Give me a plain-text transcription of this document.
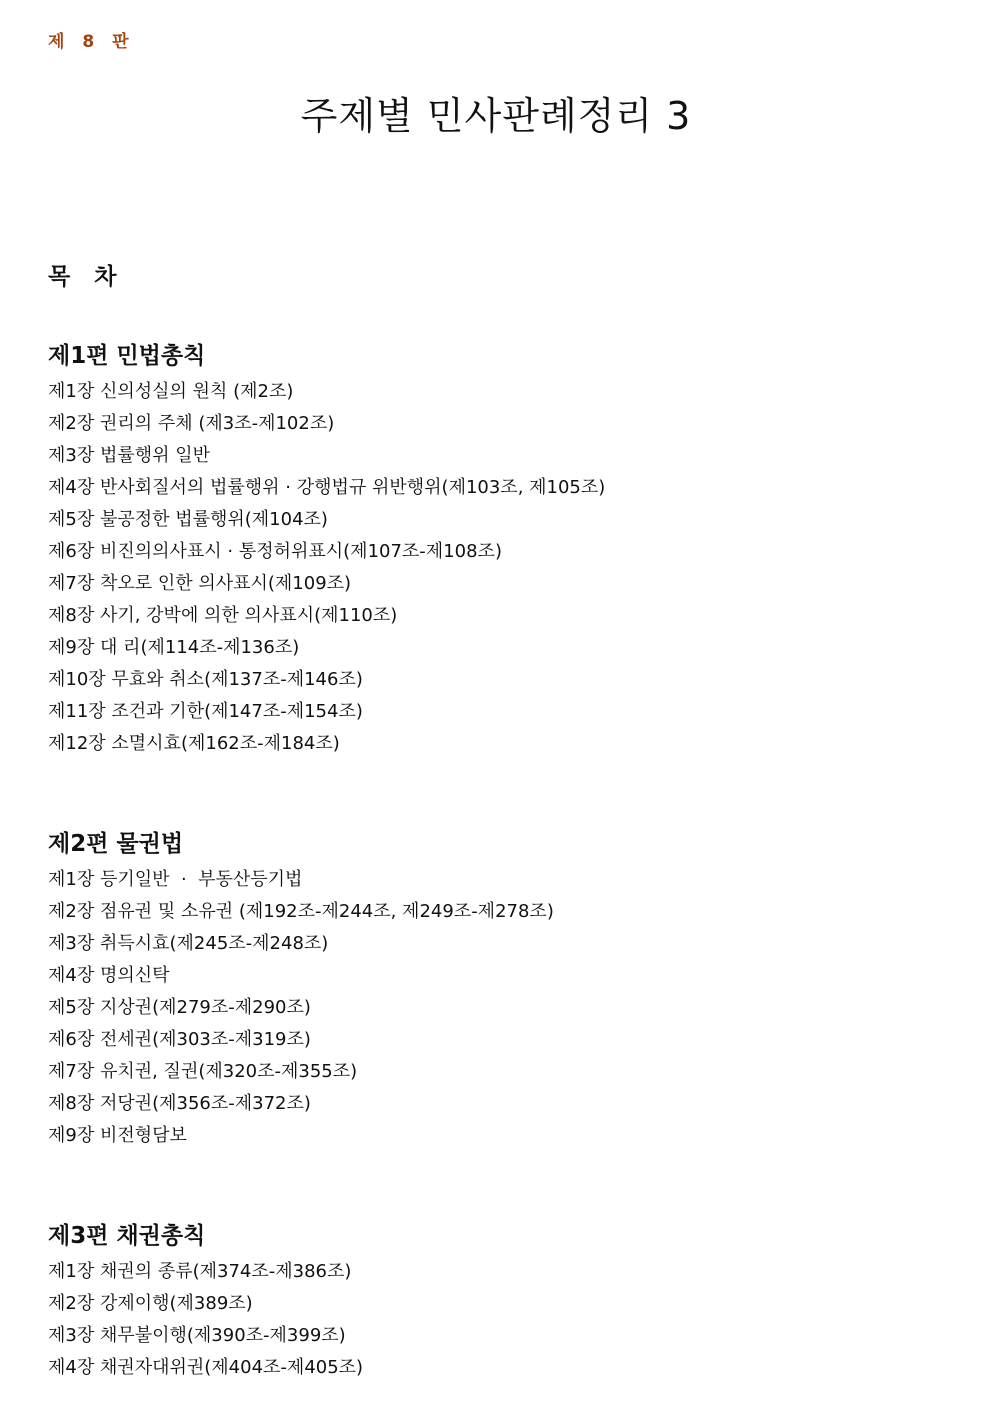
제 8 판
주제별 민사판례정리 3
목 차
제1편 민법총칙
제1장 신의성실의 원칙 (제2조)
제2장 권리의 주체 (제3조-제102조)
제3장 법률행위 일반
제4장 반사회질서의 법률행위 · 강행법규 위반행위(제103조, 제105조)
제5장 불공정한 법률행위(제104조)
제6장 비진의의사표시 · 통정허위표시(제107조-제108조)
제7장 착오로 인한 의사표시(제109조)
제8장 사기, 강박에 의한 의사표시(제110조)
제9장 대 리(제114조-제136조)
제10장 무효와 취소(제137조-제146조)
제11장 조건과 기한(제147조-제154조)
제12장 소멸시효(제162조-제184조)
제2편 물권법
제1장 등기일반  ·  부동산등기법
제2장 점유권 및 소유권 (제192조-제244조, 제249조-제278조)
제3장 취득시효(제245조-제248조)
제4장 명의신탁
제5장 지상권(제279조-제290조)
제6장 전세권(제303조-제319조)
제7장 유치권, 질권(제320조-제355조)
제8장 저당권(제356조-제372조)
제9장 비전형담보
제3편 채권총칙
제1장 채권의 종류(제374조-제386조)
제2장 강제이행(제389조)
제3장 채무불이행(제390조-제399조)
제4장 채권자대위권(제404조-제405조)
